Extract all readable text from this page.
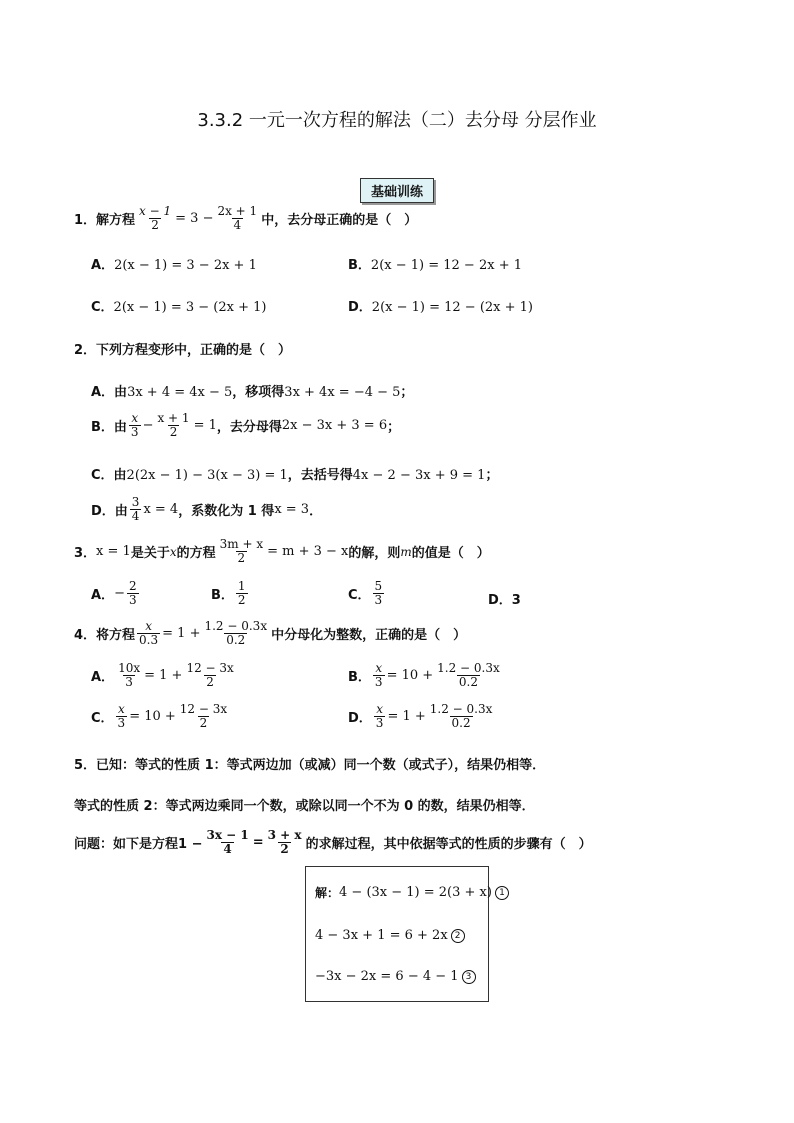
3.3.2 一元一次方程的解法（二）去分母 分层作业
基础训练
1．解方程 $\frac{x - 1}{2} = 3 - \frac{2x + 1}{4}$ 中，去分母正确的是（　）
A．2(x − 1) = 3 − 2x + 1	B．2(x − 1) = 12 − 2x + 1
C．2(x − 1) = 3 − (2x + 1)	D．2(x − 1) = 12 − (2x + 1)
2．下列方程变形中，正确的是（　）
A．由3x + 4 = 4x − 5，移项得3x + 4x = −4 − 5；
B．由 $\frac{x}{3} - \frac{x + 1}{2} = 1$ ，去分母得 2x − 3x + 3 = 6 ；
C．由2(2x − 1) − 3(x − 3) = 1，去括号得4x − 2 − 3x + 9 = 1；
D．由 $\frac{3}{4}$ x = 4 ，系数化为 1 得 x = 3 ．
3． x = 1 是关于 x 的方程 $\frac{3m + x}{2} = m + 3 - x$ 的解，则 m 的值是（　）
A． − $\frac{2}{3}$	B． $\frac{1}{2}$	C． $\frac{5}{3}$	D．3
4．将方程 $\frac{x}{0.3} = 1 + \frac{1.2 - 0.3x}{0.2}$ 中分母化为整数，正确的是（　）
A． $\frac{10x}{3} = 1 + \frac{12 - 3x}{2}$	B． $\frac{x}{3} = 10 + \frac{1.2 - 0.3x}{0.2}$
C． $\frac{x}{3} = 10 + \frac{12 - 3x}{2}$	D． $\frac{x}{3} = 1 + \frac{1.2 - 0.3x}{0.2}$
5．已知：等式的性质 1：等式两边加（或减）同一个数（或式子），结果仍相等．
等式的性质 2：等式两边乘同一个数，或除以同一个不为 0 的数，结果仍相等．
问题：如下是方程$1 - \frac{3x - 1}{4} = \frac{3 + x}{2}$ 的求解过程，其中依据等式的性质的步骤有（　）
解： 4 − (3x − 1) = 2(3 + x) 1
4 − 3x + 1 = 6 + 2x 2
−3x − 2x = 6 − 4 − 1 3
